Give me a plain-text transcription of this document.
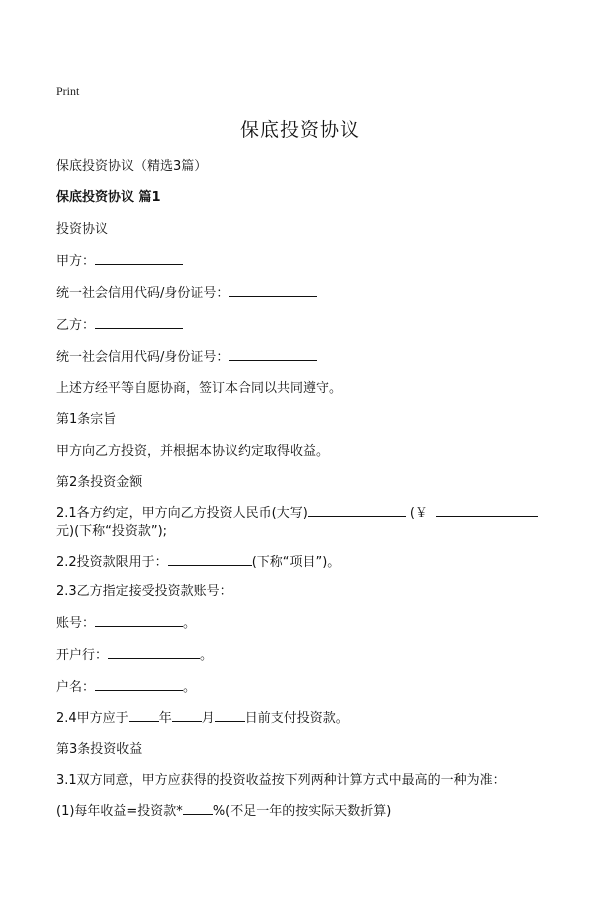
Print
保底投资协议
保底投资协议（精选3篇）
保底投资协议 篇1
投资协议
甲方：
统一社会信用代码/身份证号：
乙方：
统一社会信用代码/身份证号：
上述方经平等自愿协商，签订本合同以共同遵守。
第1条宗旨
甲方向乙方投资，并根据本协议约定取得收益。
第2条投资金额
2.1各方约定，甲方向乙方投资人民币(大写)	(￥
元)(下称“投资款”);
2.2投资款限用于：	(下称“项目”)。
2.3乙方指定接受投资款账号：
账号：	。
开户行：	。
户名：	。
2.4甲方应于 年 月 日前支付投资款。
第3条投资收益
3.1双方同意，甲方应获得的投资收益按下列两种计算方式中最高的一种为准：
(1)每年收益=投资款* %(不足一年的按实际天数折算)
